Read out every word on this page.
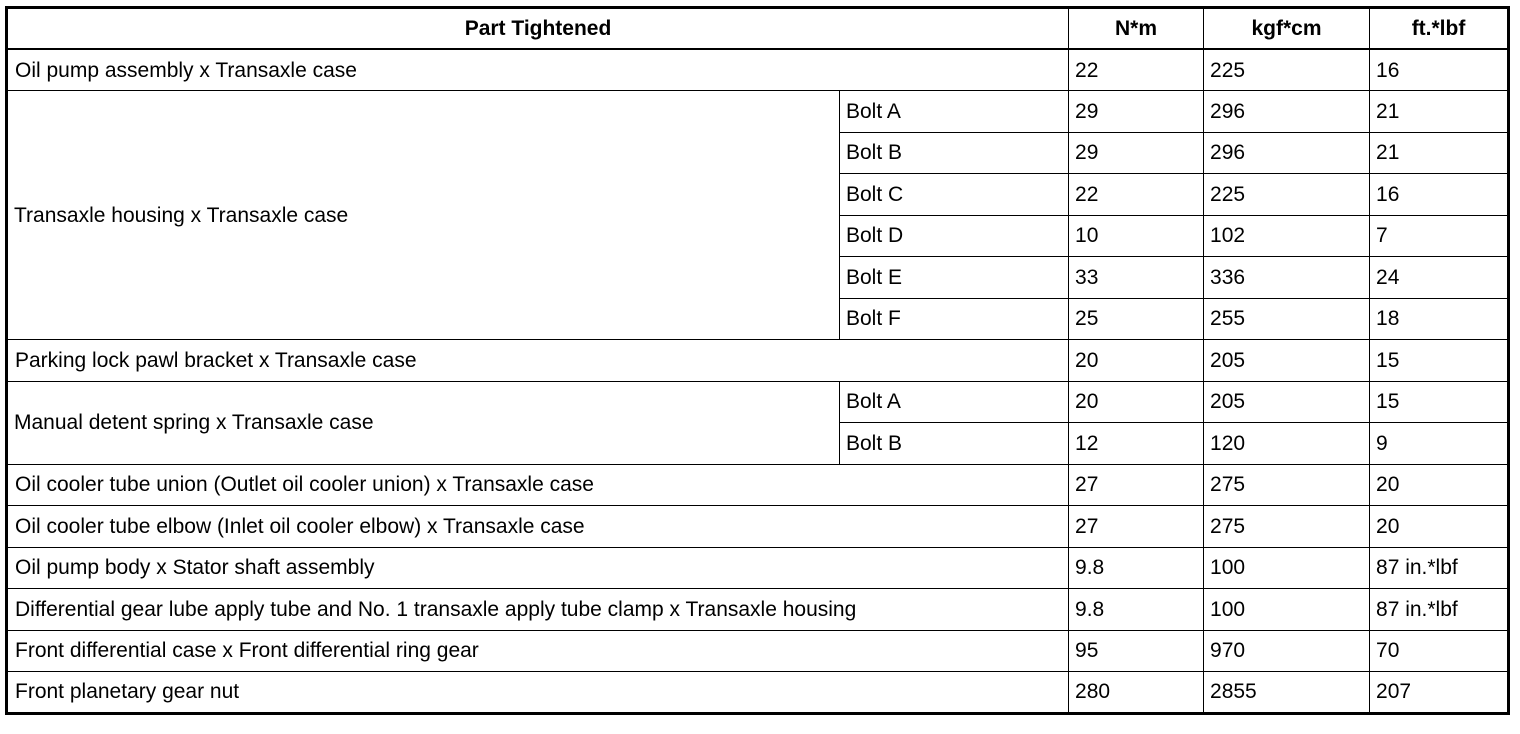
Part Tightened		N*m	kgf*cm	ft.*lbf
Oil pump assembly x Transaxle case		22	225	16
Transaxle housing x Transaxle case	Bolt A	29	296	21
	Bolt B	29	296	21
	Bolt C	22	225	16
	Bolt D	10	102	7
	Bolt E	33	336	24
	Bolt F	25	255	18
Parking lock pawl bracket x Transaxle case		20	205	15
Manual detent spring x Transaxle case	Bolt A	20	205	15
	Bolt B	12	120	9
Oil cooler tube union (Outlet oil cooler union) x Transaxle case		27	275	20
Oil cooler tube elbow (Inlet oil cooler elbow) x Transaxle case		27	275	20
Oil pump body x Stator shaft assembly		9.8	100	87 in.*lbf
Differential gear lube apply tube and No. 1 transaxle apply tube clamp x Transaxle housing		9.8	100	87 in.*lbf
Front differential case x Front differential ring gear		95	970	70
Front planetary gear nut		280	2855	207
